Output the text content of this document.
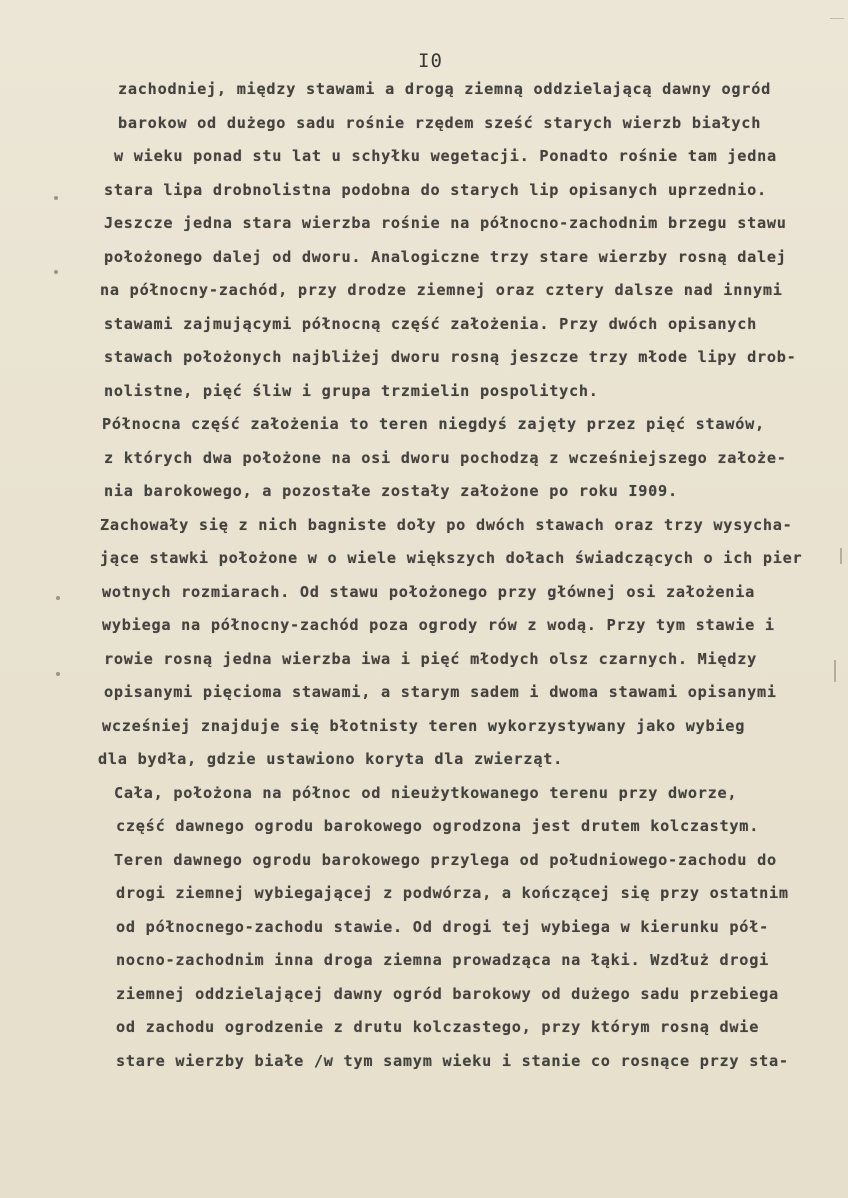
I0
zachodniej, między stawami a drogą ziemną oddzielającą dawny ogród
barokow od dużego sadu rośnie rzędem sześć starych wierzb białych
w wieku ponad stu lat u schyłku wegetacji. Ponadto rośnie tam jedna
stara lipa drobnolistna podobna do starych lip opisanych uprzednio.
Jeszcze jedna stara wierzba rośnie na północno-zachodnim brzegu stawu
położonego dalej od dworu. Analogiczne trzy stare wierzby rosną dalej
na północny-zachód, przy drodze ziemnej oraz cztery dalsze nad innymi
stawami zajmującymi północną część założenia. Przy dwóch opisanych
stawach położonych najbliżej dworu rosną jeszcze trzy młode lipy drob-
nolistne, pięć śliw i grupa trzmielin pospolitych.
Północna część założenia to teren niegdyś zajęty przez pięć stawów,
z których dwa położone na osi dworu pochodzą z wcześniejszego założe-
nia barokowego, a pozostałe zostały założone po roku I909.
Zachowały się z nich bagniste doły po dwóch stawach oraz trzy wysycha-
jące stawki położone w o wiele większych dołach świadczących o ich pier
wotnych rozmiarach. Od stawu położonego przy głównej osi założenia
wybiega na północny-zachód poza ogrody rów z wodą. Przy tym stawie i
rowie rosną jedna wierzba iwa i pięć młodych olsz czarnych. Między
opisanymi pięcioma stawami, a starym sadem i dwoma stawami opisanymi
wcześniej znajduje się błotnisty teren wykorzystywany jako wybieg
dla bydła, gdzie ustawiono koryta dla zwierząt.
Cała, położona na północ od nieużytkowanego terenu przy dworze,
część dawnego ogrodu barokowego ogrodzona jest drutem kolczastym.
Teren dawnego ogrodu barokowego przylega od południowego-zachodu do
drogi ziemnej wybiegającej z podwórza, a kończącej się przy ostatnim
od północnego-zachodu stawie. Od drogi tej wybiega w kierunku pół-
nocno-zachodnim inna droga ziemna prowadząca na łąki. Wzdłuż drogi
ziemnej oddzielającej dawny ogród barokowy od dużego sadu przebiega
od zachodu ogrodzenie z drutu kolczastego, przy którym rosną dwie
stare wierzby białe /w tym samym wieku i stanie co rosnące przy sta-
